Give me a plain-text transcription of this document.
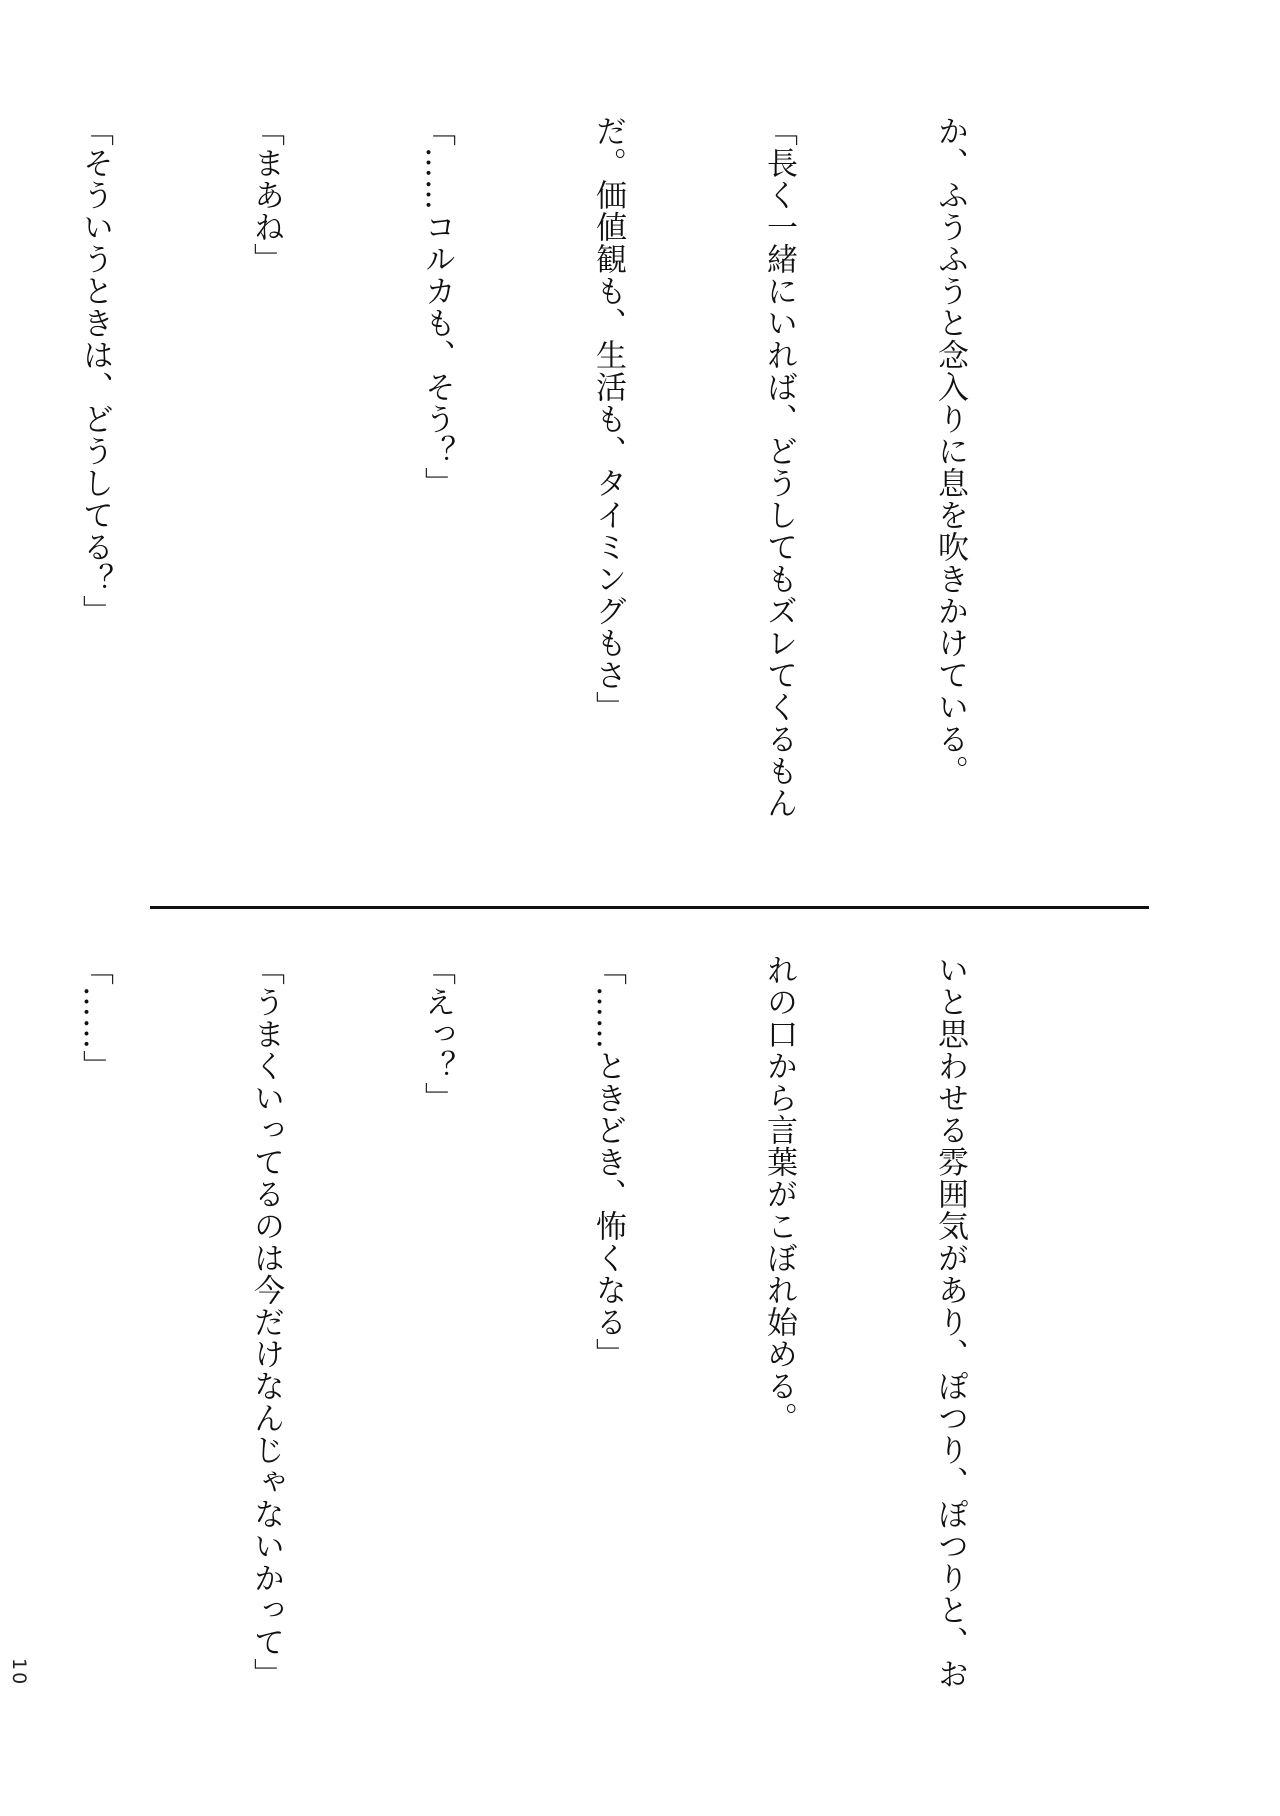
か、ふうふうと念入りに息を吹きかけている。

「長く一緒にいれば、どうしてもズレてくるもん

だ。価値観も、生活も、タイミングもさ」

「……コルカも、そう？」

「まあね」

「そういうときは、どうしてる？」

いと思わせる雰囲気があり、ぽつり、ぽつりと、お

れの口から言葉がこぼれ始める。

「……ときどき、怖くなる」

「えっ？」

「うまくいってるのは今だけなんじゃないかって」

「……」

10
